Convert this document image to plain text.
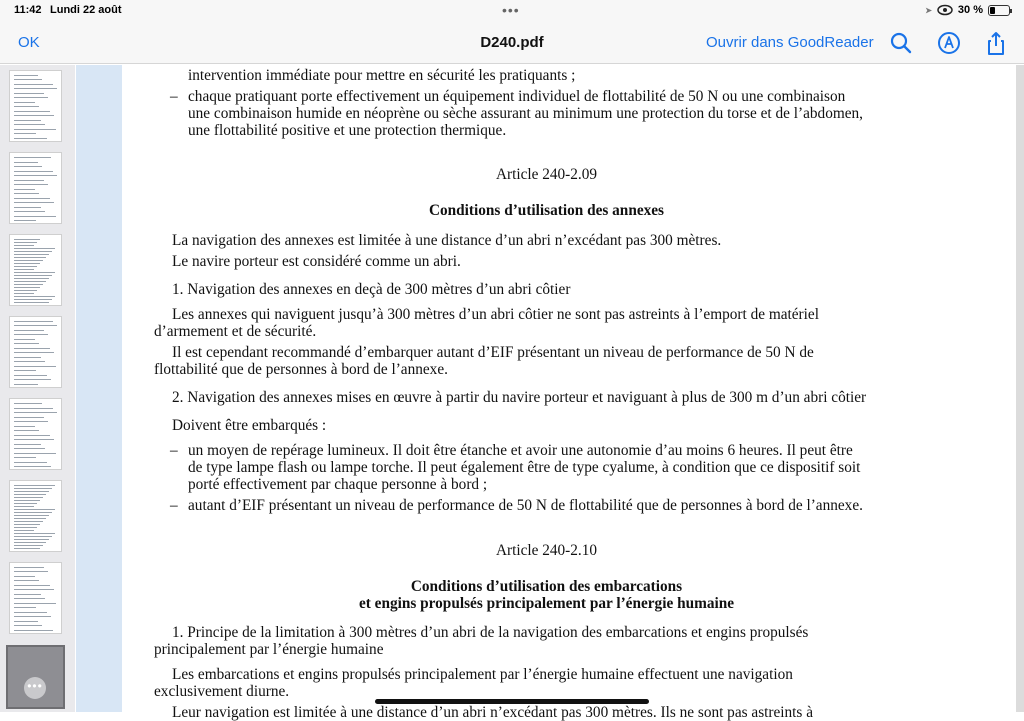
11:42 Lundi 22 août	•••	➤ 30 %
OK	D240.pdf	Ouvrir dans GoodReader
•••
intervention immédiate pour mettre en sécurité les pratiquants ;
– chaque pratiquant porte effectivement un équipement individuel de flottabilité de 50 N ou une combinaison
une combinaison humide en néoprène ou sèche assurant au minimum une protection du torse et de l’abdomen,
une flottabilité positive et une protection thermique.
Article 240-2.09
Conditions d’utilisation des annexes
La navigation des annexes est limitée à une distance d’un abri n’excédant pas 300 mètres.
Le navire porteur est considéré comme un abri.
1. Navigation des annexes en deçà de 300 mètres d’un abri côtier
Les annexes qui naviguent jusqu’à 300 mètres d’un abri côtier ne sont pas astreints à l’emport de matériel
d’armement et de sécurité.
Il est cependant recommandé d’embarquer autant d’EIF présentant un niveau de performance de 50 N de
flottabilité que de personnes à bord de l’annexe.
2. Navigation des annexes mises en œuvre à partir du navire porteur et naviguant à plus de 300 m d’un abri côtier
Doivent être embarqués :
– un moyen de repérage lumineux. Il doit être étanche et avoir une autonomie d’au moins 6 heures. Il peut être
de type lampe flash ou lampe torche. Il peut également être de type cyalume, à condition que ce dispositif soit
porté effectivement par chaque personne à bord ;
– autant d’EIF présentant un niveau de performance de 50 N de flottabilité que de personnes à bord de l’annexe.
Article 240-2.10
Conditions d’utilisation des embarcations
et engins propulsés principalement par l’énergie humaine
1. Principe de la limitation à 300 mètres d’un abri de la navigation des embarcations et engins propulsés
principalement par l’énergie humaine
Les embarcations et engins propulsés principalement par l’énergie humaine effectuent une navigation
exclusivement diurne.
Leur navigation est limitée à une distance d’un abri n’excédant pas 300 mètres. Ils ne sont pas astreints à
